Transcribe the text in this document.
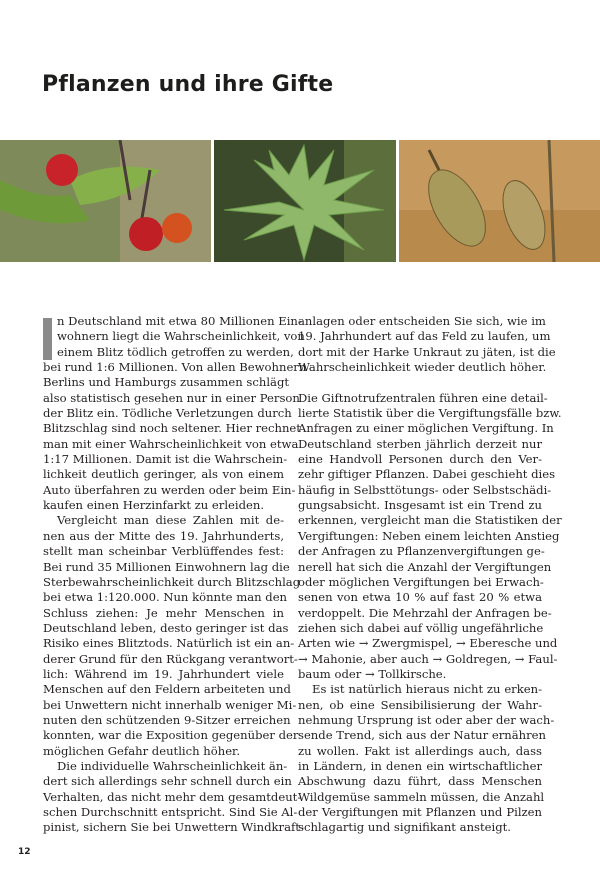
Pflanzen und ihre Gifte
n Deutschland mit etwa 80 Millionen Ein-
wohnern liegt die Wahrscheinlichkeit, von
einem Blitz tödlich getroffen zu werden,
bei rund 1:6 Millionen. Von allen Bewohnern
Berlins und Hamburgs zusammen schlägt
also statistisch gesehen nur in einer Person
der Blitz ein. Tödliche Verletzungen durch
Blitzschlag sind noch seltener. Hier rechnet
man mit einer Wahrscheinlichkeit von etwa
1:17 Millionen. Damit ist die Wahrschein-
lichkeit deutlich geringer, als von einem
Auto überfahren zu werden oder beim Ein-
kaufen einen Herzinfarkt zu erleiden.
Vergleicht man diese Zahlen mit de-
nen aus der Mitte des 19. Jahrhunderts,
stellt man scheinbar Verblüffendes fest:
Bei rund 35 Millionen Einwohnern lag die
Sterbewahrscheinlichkeit durch Blitzschlag
bei etwa 1:120.000. Nun könnte man den
Schluss ziehen: Je mehr Menschen in
Deutschland leben, desto geringer ist das
Risiko eines Blitztods. Natürlich ist ein an-
derer Grund für den Rückgang verantwort-
lich: Während im 19. Jahrhundert viele
Menschen auf den Feldern arbeiteten und
bei Unwettern nicht innerhalb weniger Mi-
nuten den schützenden 9-Sitzer erreichen
konnten, war die Exposition gegenüber der
möglichen Gefahr deutlich höher.
Die individuelle Wahrscheinlichkeit än-
dert sich allerdings sehr schnell durch ein
Verhalten, das nicht mehr dem gesamtdeut-
schen Durchschnitt entspricht. Sind Sie Al-
pinist, sichern Sie bei Unwettern Windkraft-
anlagen oder entscheiden Sie sich, wie im
19. Jahrhundert auf das Feld zu laufen, um
dort mit der Harke Unkraut zu jäten, ist die
Wahrscheinlichkeit wieder deutlich höher.
Die Giftnotrufzentralen führen eine detail-
lierte Statistik über die Vergiftungsfälle bzw.
Anfragen zu einer möglichen Vergiftung. In
Deutschland sterben jährlich derzeit nur
eine Handvoll Personen durch den Ver-
zehr giftiger Pflanzen. Dabei geschieht dies
häufig in Selbsttötungs- oder Selbstschädi-
gungsabsicht. Insgesamt ist ein Trend zu
erkennen, vergleicht man die Statistiken der
Vergiftungen: Neben einem leichten Anstieg
der Anfragen zu Pflanzenvergiftungen ge-
nerell hat sich die Anzahl der Vergiftungen
oder möglichen Vergiftungen bei Erwach-
senen von etwa 10 % auf fast 20 % etwa
verdoppelt. Die Mehrzahl der Anfragen be-
ziehen sich dabei auf völlig ungefährliche
Arten wie → Zwergmispel, → Eberesche und
→ Mahonie, aber auch → Goldregen, → Faul-
baum oder → Tollkirsche.
Es ist natürlich hieraus nicht zu erken-
nen, ob eine Sensibilisierung der Wahr-
nehmung Ursprung ist oder aber der wach-
sende Trend, sich aus der Natur ernähren
zu wollen. Fakt ist allerdings auch, dass
in Ländern, in denen ein wirtschaftlicher
Abschwung dazu führt, dass Menschen
Wildgemüse sammeln müssen, die Anzahl
der Vergiftungen mit Pflanzen und Pilzen
schlagartig und signifikant ansteigt.
12
